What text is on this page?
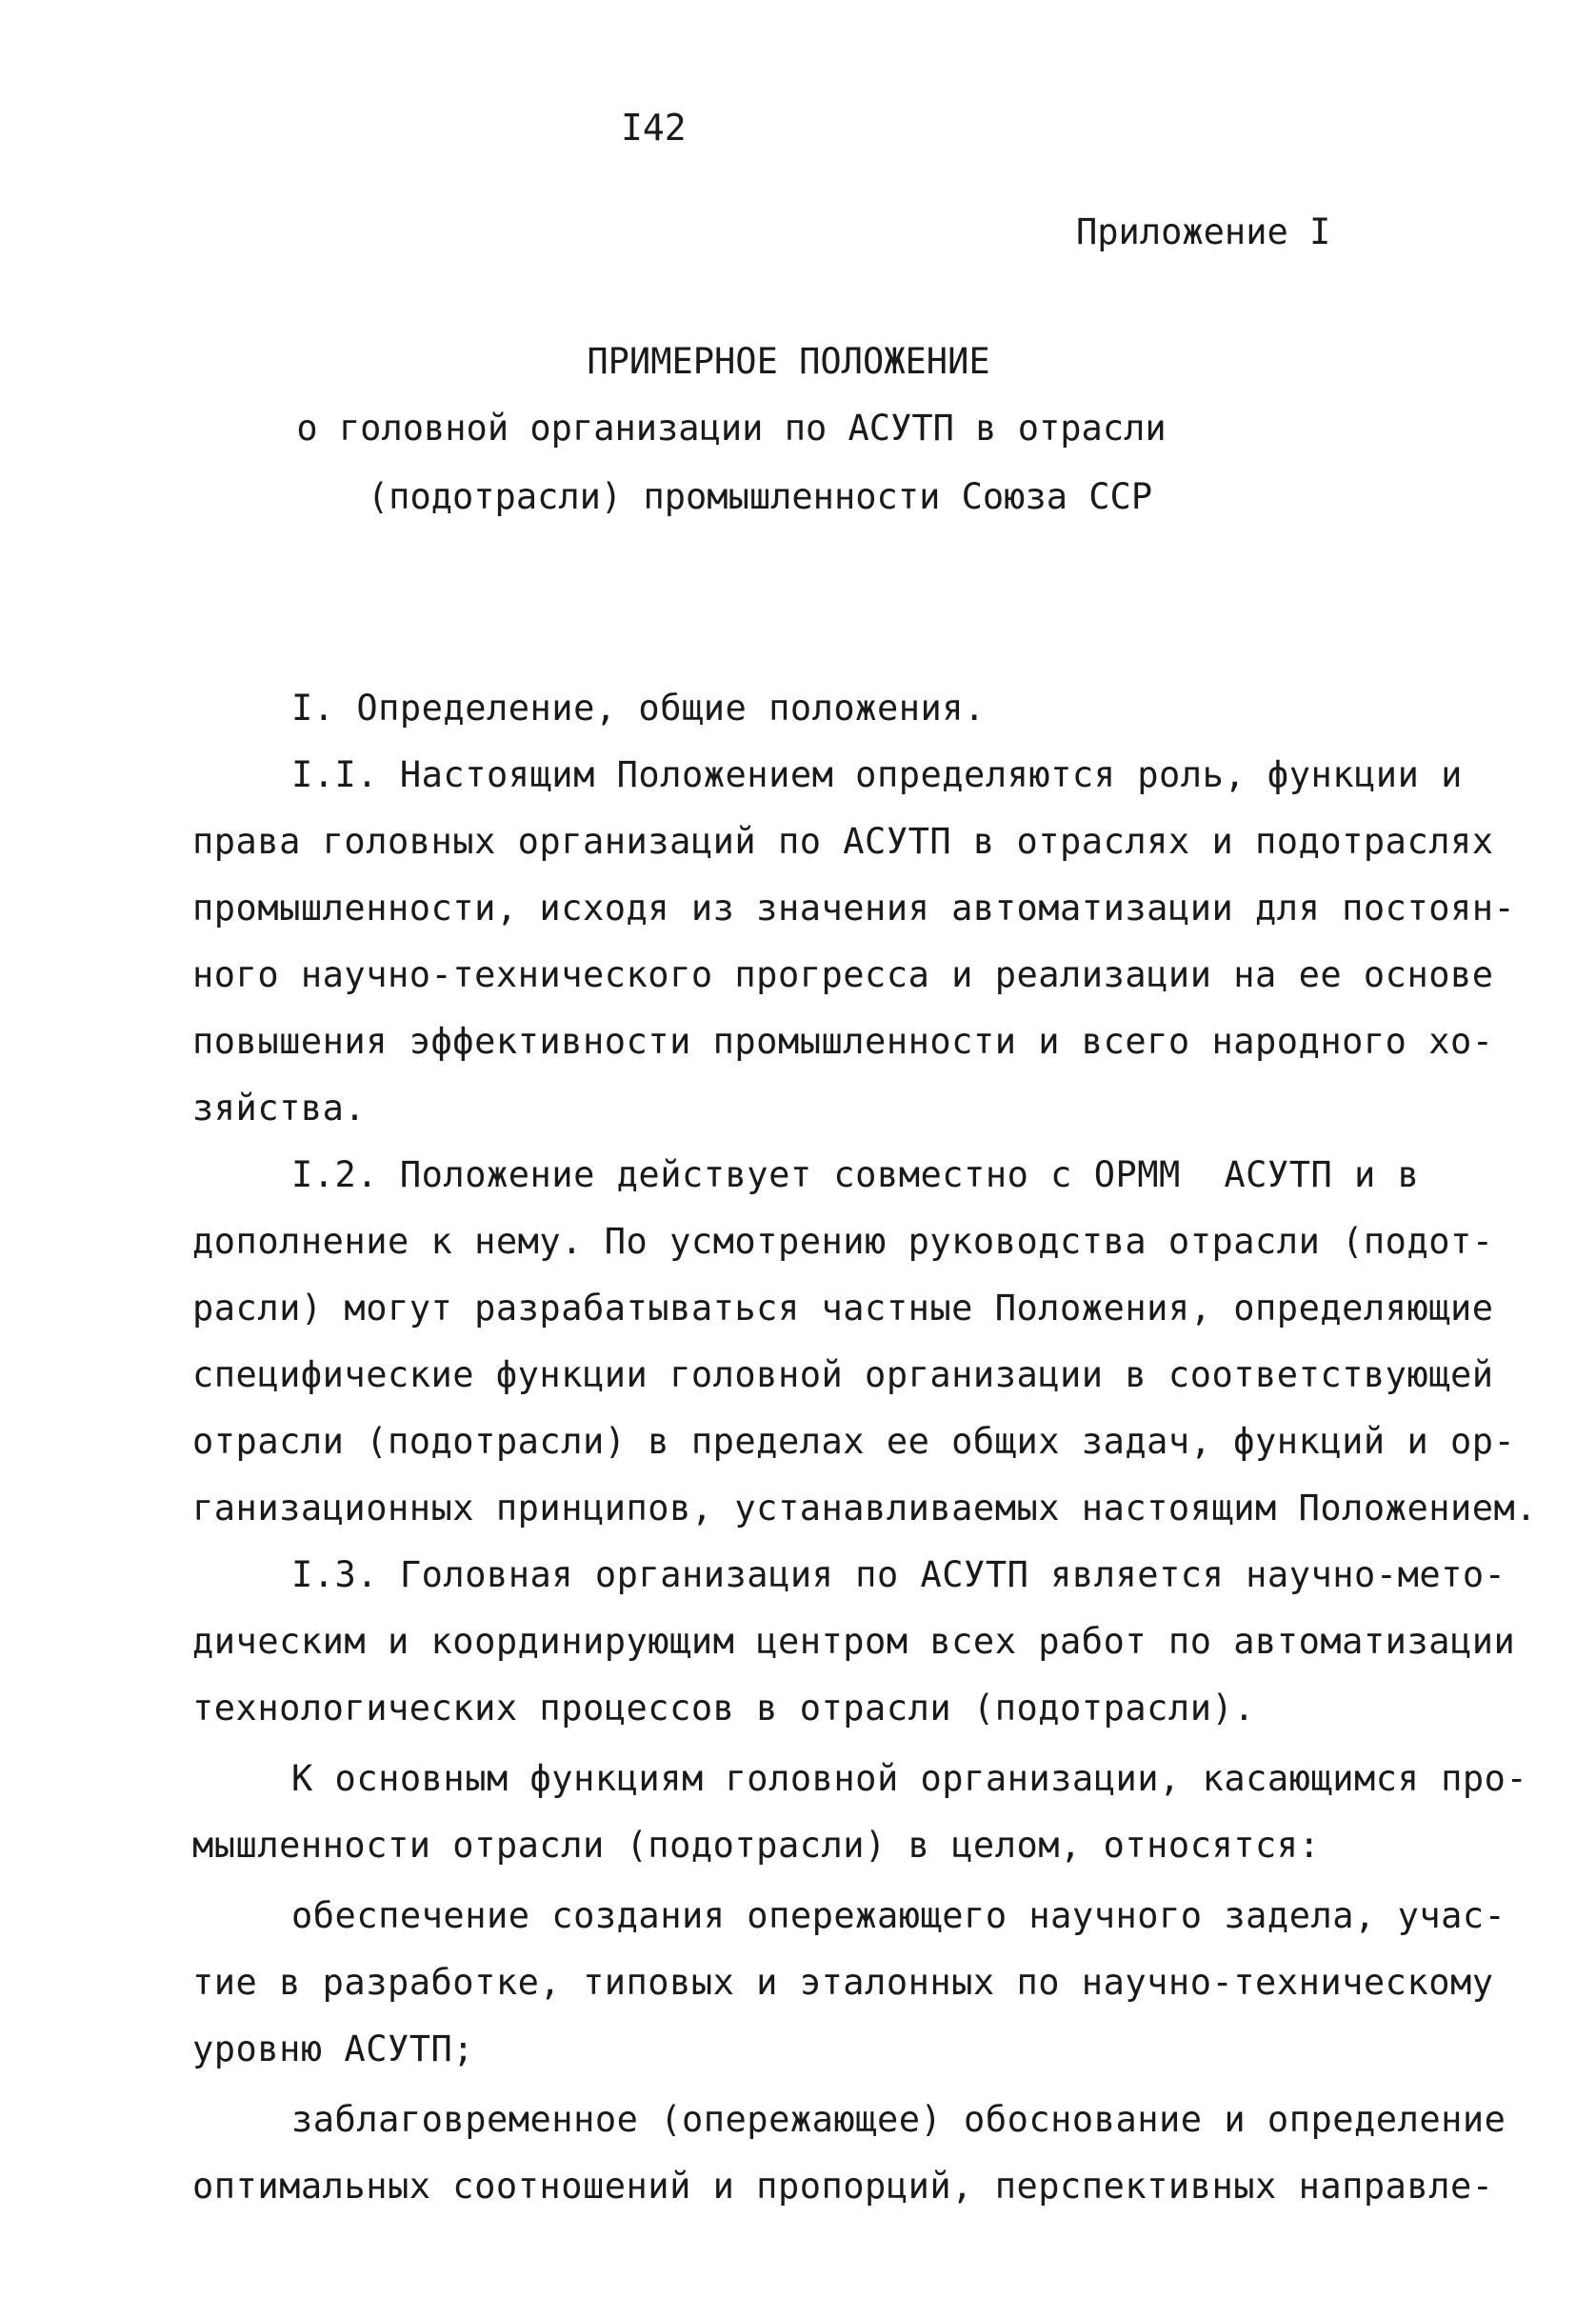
I42
Приложение I
ПРИМЕРНОЕ ПОЛОЖЕНИЕ
о головной организации по АСУТП в отрасли
(подотрасли) промышленности Союза ССР
I. Определение, общие положения.
I.I. Настоящим Положением определяются роль, функции и
права головных организаций по АСУТП в отраслях и подотраслях
промышленности, исходя из значения автоматизации для постоян-
ного научно-технического прогресса и реализации на ее основе
повышения эффективности промышленности и всего народного хо-
зяйства.
I.2. Положение действует совместно с ОРММ  АСУТП и в
дополнение к нему. По усмотрению руководства отрасли (подот-
расли) могут разрабатываться частные Положения, определяющие
специфические функции головной организации в соответствующей
отрасли (подотрасли) в пределах ее общих задач, функций и ор-
ганизационных принципов, устанавливаемых настоящим Положением.
I.3. Головная организация по АСУТП является научно-мето-
дическим и координирующим центром всех работ по автоматизации
технологических процессов в отрасли (подотрасли).
К основным функциям головной организации, касающимся про-
мышленности отрасли (подотрасли) в целом, относятся:
обеспечение создания опережающего научного задела, учас-
тие в разработке, типовых и эталонных по научно-техническому
уровню АСУТП;
заблаговременное (опережающее) обоснование и определение
оптимальных соотношений и пропорций, перспективных направле-
